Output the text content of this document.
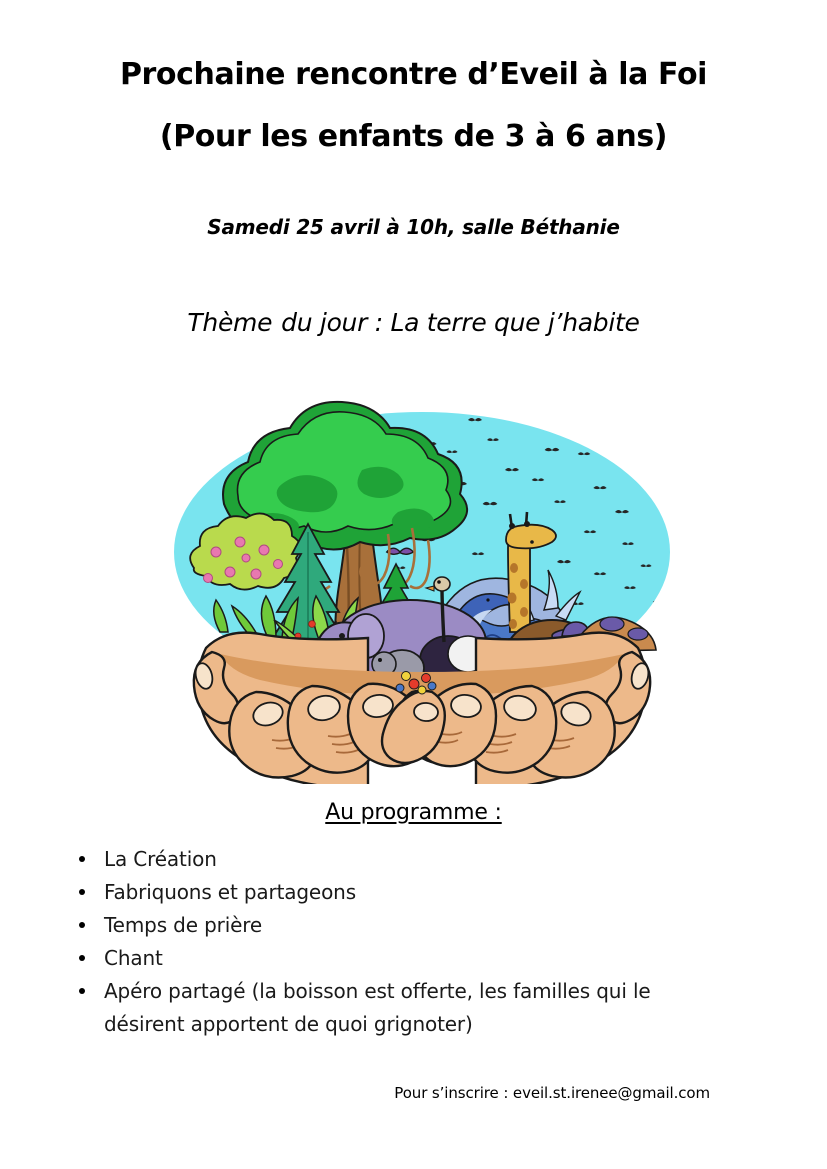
Prochaine rencontre d’Eveil à la Foi
(Pour les enfants de 3 à 6 ans)
Samedi 25 avril à 10h, salle Béthanie
Thème du jour : La terre que j’habite
Au programme :
La Création
Fabriquons et partageons
Temps de prière
Chant
Apéro partagé (la boisson est offerte, les familles qui le désirent apportent de quoi grignoter)
Pour s’inscrire : eveil.st.irenee@gmail.com
